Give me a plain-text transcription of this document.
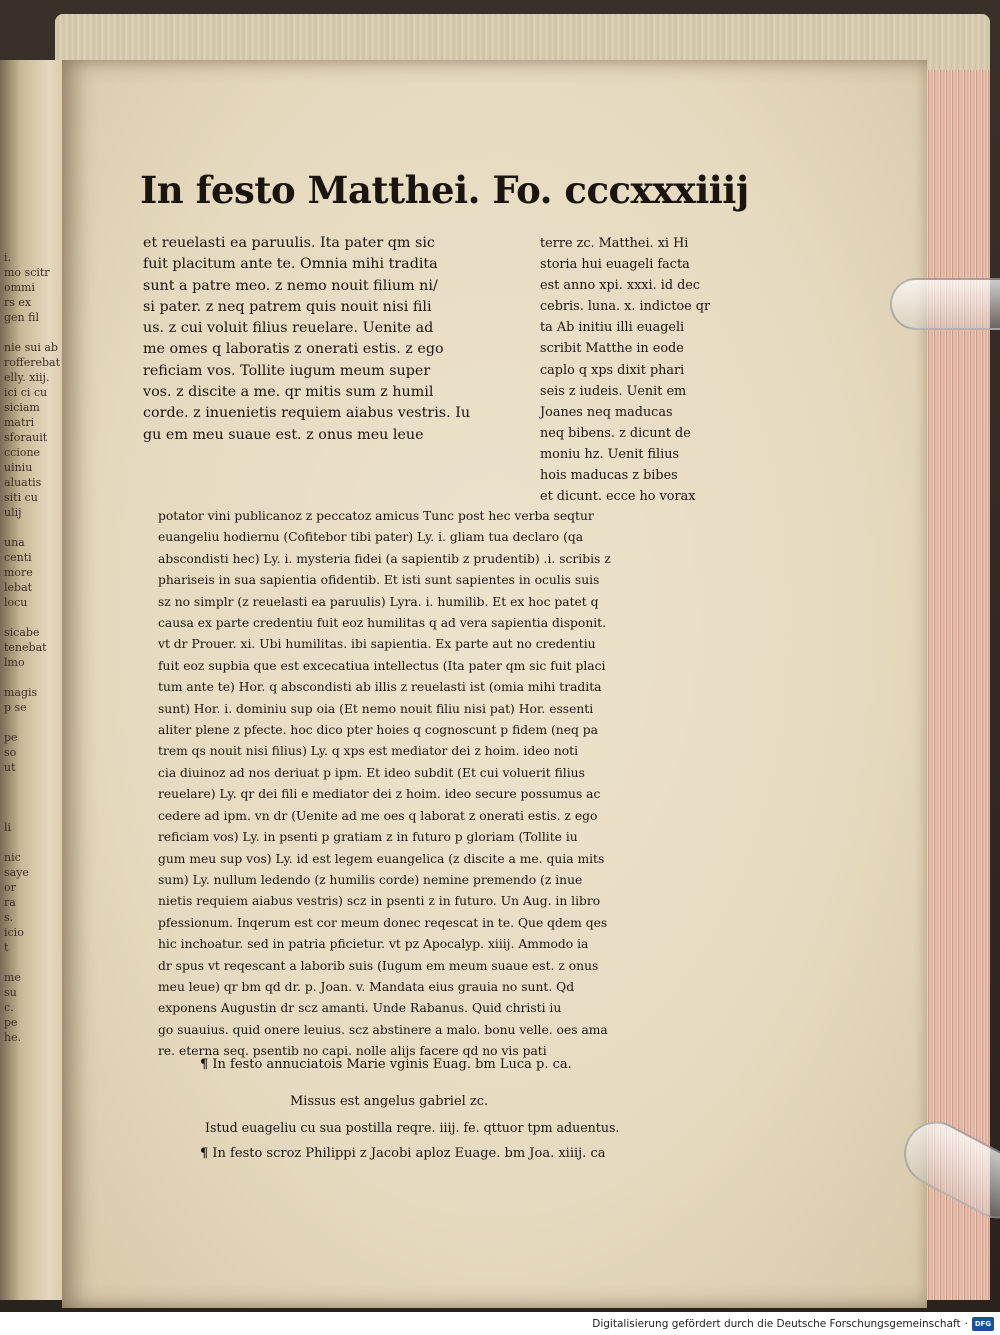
i.
mo scitr
ommi
rs ex
gen fil

nie sui ab
rofferebat
elly. xiij.
ici ci cu
siciam
matri
sforauit
ccione
uiniu
aluatis
siti cu
ulij

una
centi
more
lebat
locu

sicabe
tenebat
lmo

magis
p se

pe
so
ut

li

nic
saye
or
ra
s.
icio
t

me
su
c.
pe
he.
In festo Matthei. Fo. cccxxxiiij
et reuelasti ea paruulis. Ita pater qm sic
fuit placitum ante te. Omnia mihi tradita
sunt a patre meo. z nemo nouit filium ni/
si pater. z neq patrem quis nouit nisi fili
us. z cui voluit filius reuelare. Uenite ad
me omes q laboratis z onerati estis. z ego
reficiam vos. Tollite iugum meum super
vos. z discite a me. qr mitis sum z humil
corde. z inuenietis requiem aiabus vestris. Iu
gu em meu suaue est. z onus meu leue
terre zc. Matthei. xi Hi
storia hui euageli facta
est anno xpi. xxxi. id dec
cebris. luna. x. indictoe qr
ta Ab initiu illi euageli
scribit Matthe in eode
caplo q xps dixit phari
seis z iudeis. Uenit em
Joanes neq maducas
neq bibens. z dicunt de
moniu hz. Uenit filius
hois maducas z bibes
et dicunt. ecce ho vorax
potator vini publicanoz z peccatoz amicus Tunc post hec verba seqtur
euangeliu hodiernu (Cofitebor tibi pater) Ly. i. gliam tua declaro (qa
abscondisti hec) Ly. i. mysteria fidei (a sapientib z prudentib) .i. scribis z
phariseis in sua sapientia ofidentib. Et isti sunt sapientes in oculis suis
sz no simplr (z reuelasti ea paruulis) Lyra. i. humilib. Et ex hoc patet q
causa ex parte credentiu fuit eoz humilitas q ad vera sapientia disponit.
vt dr Prouer. xi. Ubi humilitas. ibi sapientia. Ex parte aut no credentiu
fuit eoz supbia que est excecatiua intellectus (Ita pater qm sic fuit placi
tum ante te) Hor. q abscondisti ab illis z reuelasti ist (omia mihi tradita
sunt) Hor. i. dominiu sup oia (Et nemo nouit filiu nisi pat) Hor. essenti
aliter plene z pfecte. hoc dico pter hoies q cognoscunt p fidem (neq pa
trem qs nouit nisi filius) Ly. q xps est mediator dei z hoim. ideo noti
cia diuinoz ad nos deriuat p ipm. Et ideo subdit (Et cui voluerit filius
reuelare) Ly. qr dei fili e mediator dei z hoim. ideo secure possumus ac
cedere ad ipm. vn dr (Uenite ad me oes q laborat z onerati estis. z ego
reficiam vos) Ly. in psenti p gratiam z in futuro p gloriam (Tollite iu
gum meu sup vos) Ly. id est legem euangelica (z discite a me. quia mits
sum) Ly. nullum ledendo (z humilis corde) nemine premendo (z inue
nietis requiem aiabus vestris) scz in psenti z in futuro. Un Aug. in libro
pfessionum. Inqerum est cor meum donec reqescat in te. Que qdem qes
hic inchoatur. sed in patria pficietur. vt pz Apocalyp. xiiij. Ammodo ia
dr spus vt reqescant a laborib suis (Iugum em meum suaue est. z onus
meu leue) qr bm qd dr. p. Joan. v. Mandata eius grauia no sunt. Qd
exponens Augustin dr scz amanti. Unde Rabanus. Quid christi iu
go suauius. quid onere leuius. scz abstinere a malo. bonu velle. oes ama
re. eterna seq. psentib no capi. nolle alijs facere qd no vis pati
¶ In festo annuciatois Marie vginis Euag. bm Luca p. ca.
Missus est angelus gabriel zc.
Istud euageliu cu sua postilla reqre. iiij. fe. qttuor tpm aduentus.
¶ In festo scroz Philippi z Jacobi aploz Euage. bm Joa. xiiij. ca
Digitalisierung gefördert durch die Deutsche Forschungsgemeinschaft · DFG
